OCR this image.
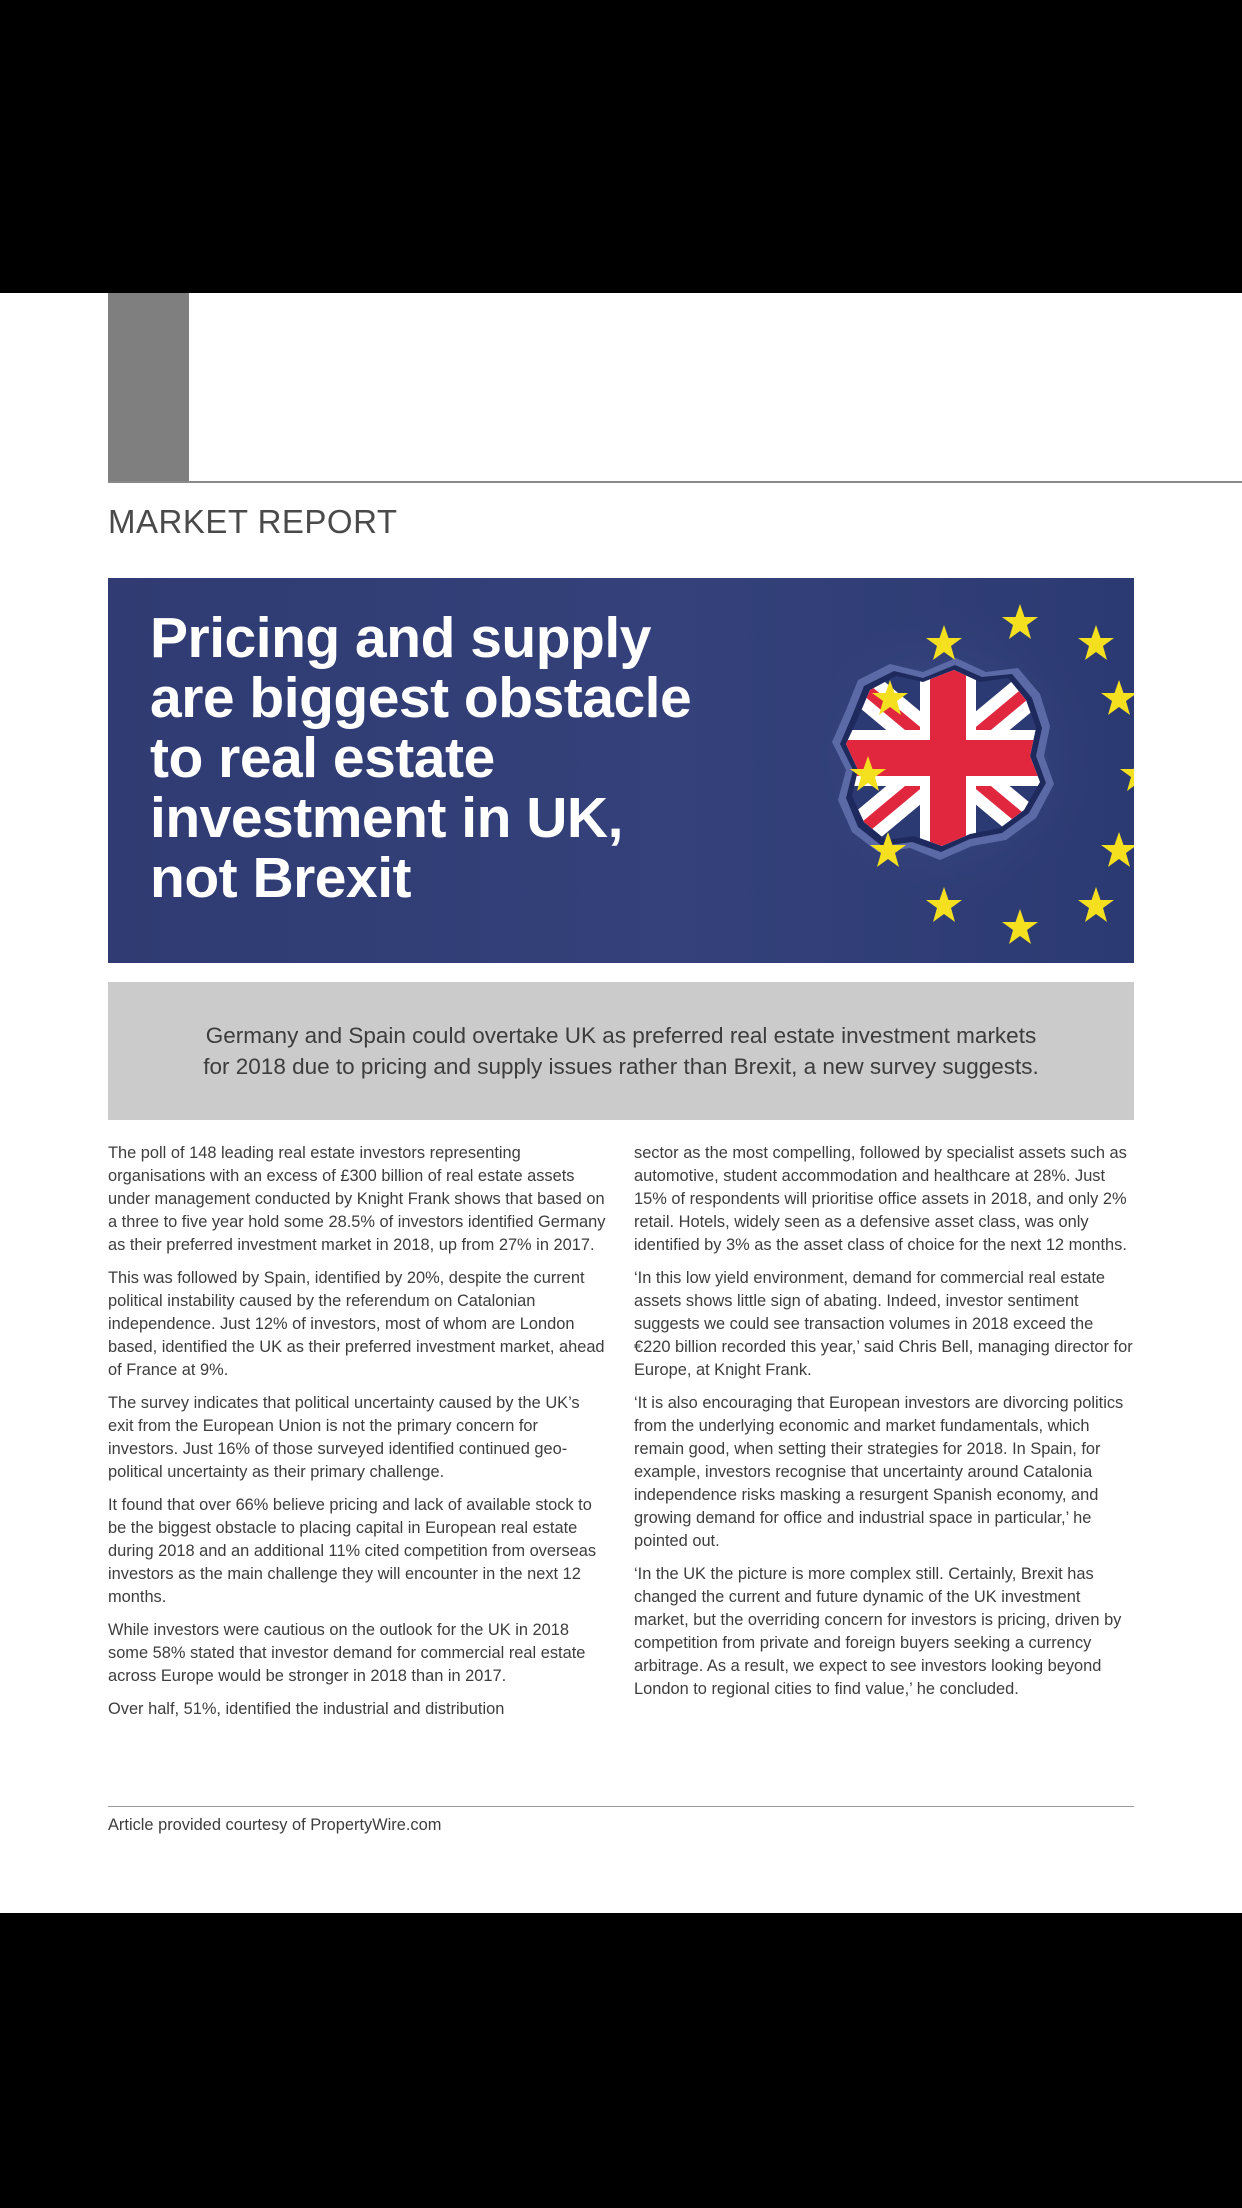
MARKET REPORT
Pricing and supply are biggest obstacle to real estate investment in UK, not Brexit

Germany and Spain could overtake UK as preferred real estate investment markets for 2018 due to pricing and supply issues rather than Brexit, a new survey suggests.

The poll of 148 leading real estate investors representing organisations with an excess of £300 billion of real estate assets under management conducted by Knight Frank shows that based on a three to five year hold some 28.5% of investors identified Germany as their preferred investment market in 2018, up from 27% in 2017.

This was followed by Spain, identified by 20%, despite the current political instability caused by the referendum on Catalonian independence. Just 12% of investors, most of whom are London based, identified the UK as their preferred investment market, ahead of France at 9%.

The survey indicates that political uncertainty caused by the UK’s exit from the European Union is not the primary concern for investors. Just 16% of those surveyed identified continued geo-political uncertainty as their primary challenge.

It found that over 66% believe pricing and lack of available stock to be the biggest obstacle to placing capital in European real estate during 2018 and an additional 11% cited competition from overseas investors as the main challenge they will encounter in the next 12 months.

While investors were cautious on the outlook for the UK in 2018 some 58% stated that investor demand for commercial real estate across Europe would be stronger in 2018 than in 2017.

Over half, 51%, identified the industrial and distribution

sector as the most compelling, followed by specialist assets such as automotive, student accommodation and healthcare at 28%. Just 15% of respondents will prioritise office assets in 2018, and only 2% retail. Hotels, widely seen as a defensive asset class, was only identified by 3% as the asset class of choice for the next 12 months.

‘In this low yield environment, demand for commercial real estate assets shows little sign of abating. Indeed, investor sentiment suggests we could see transaction volumes in 2018 exceed the €220 billion recorded this year,’ said Chris Bell, managing director for Europe, at Knight Frank.

‘It is also encouraging that European investors are divorcing politics from the underlying economic and market fundamentals, which remain good, when setting their strategies for 2018. In Spain, for example, investors recognise that uncertainty around Catalonia independence risks masking a resurgent Spanish economy, and growing demand for office and industrial space in particular,’ he pointed out.

‘In the UK the picture is more complex still. Certainly, Brexit has changed the current and future dynamic of the UK investment market, but the overriding concern for investors is pricing, driven by competition from private and foreign buyers seeking a currency arbitrage. As a result, we expect to see investors looking beyond London to regional cities to find value,’ he concluded.

Article provided courtesy of PropertyWire.com
